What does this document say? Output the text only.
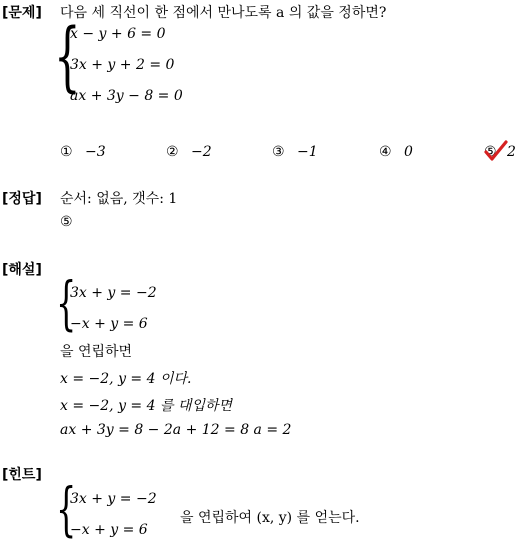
[문제] 다음 세 직선이 한 점에서 만나도록 a 의 값을 정하면?
{
x − y + 6 = 0
3x + y + 2 = 0
ax + 3y − 8 = 0
① −3	② −2	③ −1	④ 0	⑤ 2
[정답] 순서: 없음, 갯수: 1
⑤
[해설] {
3x + y = −2
−x + y = 6
을 연립하면
x = −2, y = 4 이다.
x = −2, y = 4 를 대입하면
ax + 3y = 8 − 2a + 12 = 8 a = 2
[힌트] {
3x + y = −2
−x + y = 6
을 연립하여 (x, y) 를 얻는다.
